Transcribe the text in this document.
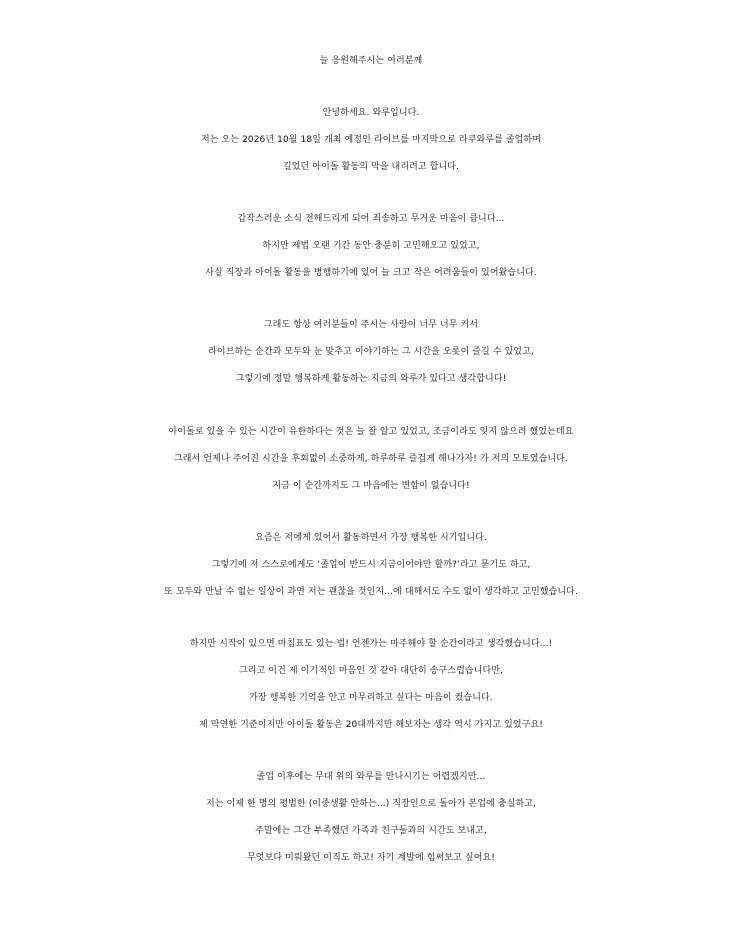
늘 응원해주시는 여러분께
안녕하세요. 와루입니다.
저는 오는 2026년 10월 18일 개최 예정인 라이브를 마지막으로 라쿠와루를 졸업하며
길었던 아이돌 활동의 막을 내리려고 합니다.
갑작스러운 소식 전해드리게 되어 죄송하고 무거운 마음이 큽니다...
하지만 제법 오랜 기간 동안 충분히 고민해오고 있었고,
사실 직장과 아이돌 활동을 병행하기에 있어 늘 크고 작은 어려움들이 있어왔습니다.
그래도 항상 여러분들이 주시는 사랑이 너무 너무 커서
라이브하는 순간과 모두와 눈 맞추고 이야기하는 그 시간을 오롯이 즐길 수 있었고,
그렇기에 정말 행복하게 활동하는 지금의 와루가 있다고 생각합니다!
아이돌로 있을 수 있는 시간이 유한하다는 것은 늘 잘 알고 있었고, 조금이라도 잊지 않으려 했었는데요
그래서 언제나 주어진 시간을 후회없이 소중하게, 하루하루 즐겁게 해나가자! 가 저의 모토였습니다.
지금 이 순간까지도 그 마음에는 변함이 없습니다!
요즘은 저에게 있어서 활동하면서 가장 행복한 시기입니다.
그렇기에 저 스스로에게도 ‘졸업이 반드시 지금이어야만 할까?’라고 묻기도 하고,
또 모두와 만날 수 없는 일상이 과연 저는 괜찮을 것인지...에 대해서도 수도 없이 생각하고 고민했습니다.
하지만 시작이 있으면 마침표도 있는 법! 언젠가는 마주해야 할 순간이라고 생각했습니다...!
그리고 이건 제 이기적인 마음인 것 같아 대단히 송구스럽습니다만,
가장 행복한 기억을 안고 마무리하고 싶다는 마음이 컸습니다.
제 막연한 기준이지만 아이돌 활동은 20대까지만 해보자는 생각 역시 가지고 있었구요!
졸업 이후에는 무대 위의 와루를 만나시기는 어렵겠지만...
저는 이제 한 명의 평범한 (이중생활 안하는...) 직장인으로 돌아가 본업에 충실하고,
주말에는 그간 부족했던 가족과 친구들과의 시간도 보내고,
무엇보다 미뤄왔던 이직도 하고! 자기 계발에 힘써보고 싶어요!
